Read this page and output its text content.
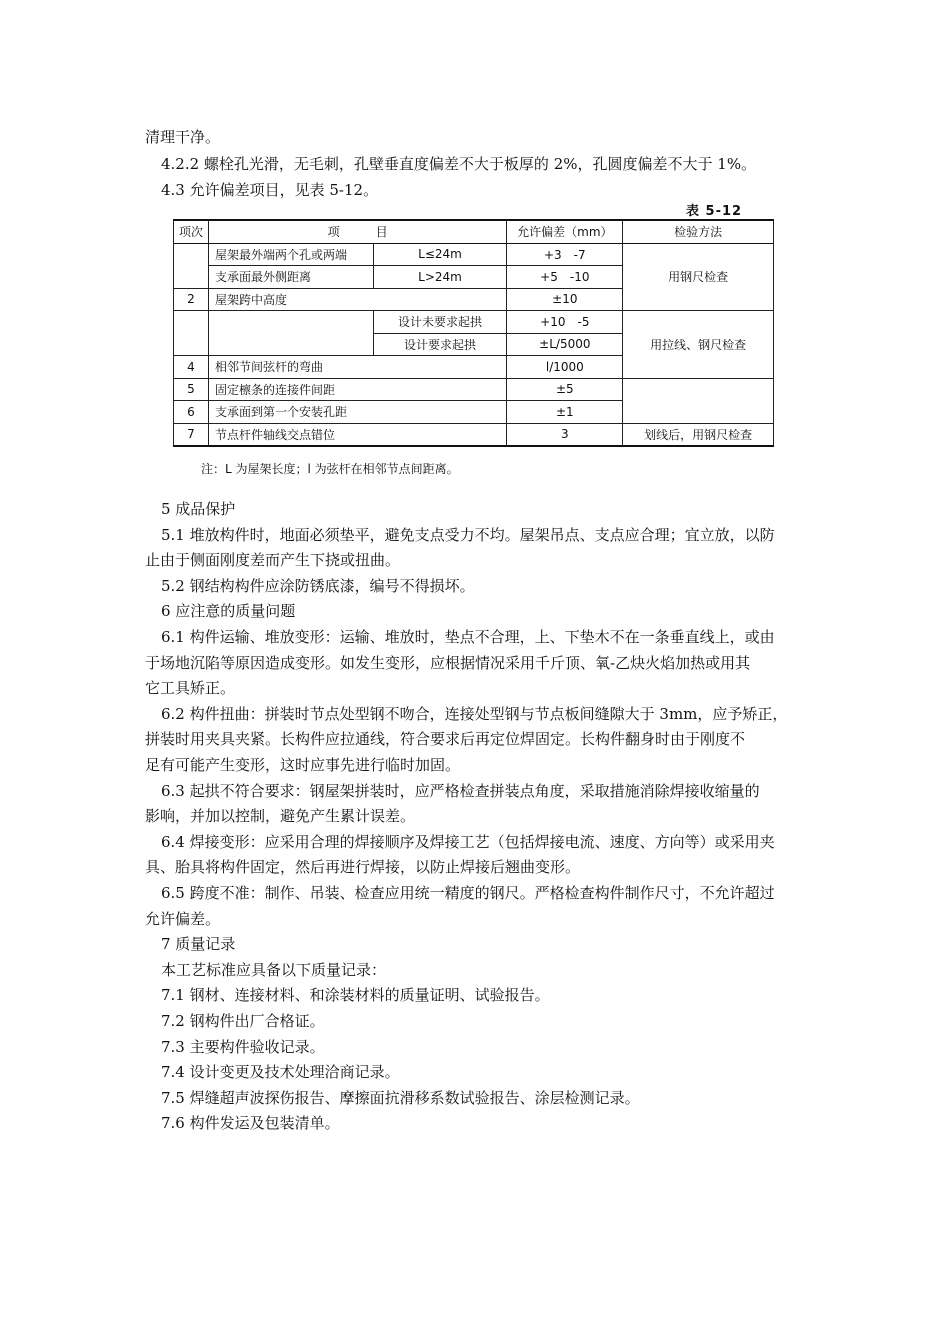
清理干净。
4.2.2 螺栓孔光滑，无毛刺，孔壁垂直度偏差不大于板厚的 2%，孔圆度偏差不大于 1%。
4.3 允许偏差项目，见表 5-12。
表 5-12
项次	项　　　目		允许偏差（mm）	检验方法
	屋架最外端两个孔或两端	L≤24m	+3　-7	用钢尺检查
	支承面最外侧距离	L>24m	+5　-10	
2	屋架跨中高度		±10	
		设计未要求起拱	+10　-5	用拉线、钢尺检查
		设计要求起拱	±L/5000	
4	相邻节间弦杆的弯曲		l/1000	
5	固定檩条的连接件间距		±5	
6	支承面到第一个安装孔距		±1	
7	节点杆件轴线交点错位		3	划线后，用钢尺检查
注：L 为屋架长度；l 为弦杆在相邻节点间距离。
5 成品保护
5.1 堆放构件时，地面必须垫平，避免支点受力不均。屋架吊点、支点应合理；宜立放，以防
止由于侧面刚度差而产生下挠或扭曲。
5.2 钢结构构件应涂防锈底漆，编号不得损坏。
6 应注意的质量问题
6.1 构件运输、堆放变形：运输、堆放时，垫点不合理，上、下垫木不在一条垂直线上，或由
于场地沉陷等原因造成变形。如发生变形，应根据情况采用千斤顶、氧-乙炔火焰加热或用其
它工具矫正。
6.2 构件扭曲：拼装时节点处型钢不吻合，连接处型钢与节点板间缝隙大于 3mm，应予矫正，
拼装时用夹具夹紧。长构件应拉通线，符合要求后再定位焊固定。长构件翻身时由于刚度不
足有可能产生变形，这时应事先进行临时加固。
6.3 起拱不符合要求：钢屋架拼装时，应严格检查拼装点角度，采取措施消除焊接收缩量的
影响，并加以控制，避免产生累计误差。
6.4 焊接变形：应采用合理的焊接顺序及焊接工艺（包括焊接电流、速度、方向等）或采用夹
具、胎具将构件固定，然后再进行焊接，以防止焊接后翘曲变形。
6.5 跨度不准：制作、吊装、检查应用统一精度的钢尺。严格检查构件制作尺寸，不允许超过
允许偏差。
7 质量记录
本工艺标准应具备以下质量记录：
7.1 钢材、连接材料、和涂装材料的质量证明、试验报告。
7.2 钢构件出厂合格证。
7.3 主要构件验收记录。
7.4 设计变更及技术处理洽商记录。
7.5 焊缝超声波探伤报告、摩擦面抗滑移系数试验报告、涂层检测记录。
7.6 构件发运及包装清单。
